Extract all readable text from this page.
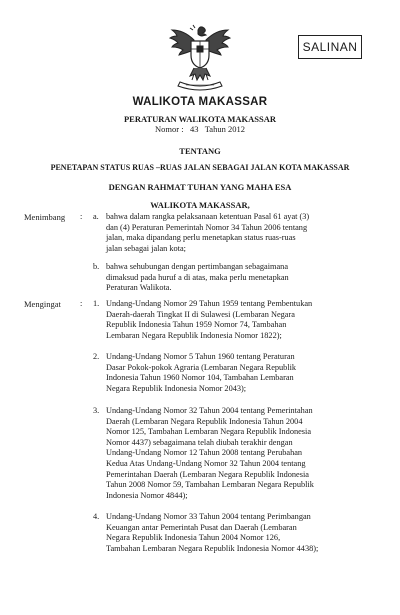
SALINAN
WALIKOTA MAKASSAR
PERATURAN WALIKOTA MAKASSAR
Nomor :   43   Tahun 2012
TENTANG
PENETAPAN STATUS RUAS –RUAS JALAN SEBAGAI JALAN KOTA MAKASSAR
DENGAN RAHMAT TUHAN YANG MAHA ESA
WALIKOTA MAKASSAR,
Menimbang : a. bahwa dalam rangka pelaksanaan ketentuan Pasal 61 ayat (3)
dan (4) Peraturan Pemerintah Nomor 34 Tahun 2006 tentang
jalan, maka dipandang perlu menetapkan status ruas-ruas
jalan sebagai jalan kota;
b. bahwa sehubungan dengan pertimbangan sebagaimana
dimaksud pada huruf a di atas, maka perlu menetapkan
Peraturan Walikota.
Mengingat : 1. Undang-Undang Nomor 29 Tahun 1959 tentang Pembentukan
Daerah-daerah Tingkat II di Sulawesi (Lembaran Negara
Republik Indonesia Tahun 1959 Nomor 74, Tambahan
Lembaran Negara Republik Indonesia Nomor 1822);
2. Undang-Undang Nomor 5 Tahun 1960 tentang Peraturan
Dasar Pokok-pokok Agraria (Lembaran Negara Republik
Indonesia Tahun 1960 Nomor 104, Tambahan Lembaran
Negara Republik Indonesia Nomor 2043);
3. Undang-Undang Nomor 32 Tahun 2004 tentang Pemerintahan
Daerah (Lembaran Negara Republik Indonesia Tahun 2004
Nomor 125, Tambahan Lembaran Negara Republik Indonesia
Nomor 4437) sebagaimana telah diubah terakhir dengan
Undang-Undang Nomor 12 Tahun 2008 tentang Perubahan
Kedua Atas Undang-Undang Nomor 32 Tahun 2004 tentang
Pemerintahan Daerah (Lembaran Negara Republik Indonesia
Tahun 2008 Nomor 59, Tambahan Lembaran Negara Republik
Indonesia Nomor 4844);
4. Undang-Undang Nomor 33 Tahun 2004 tentang Perimbangan
Keuangan antar Pemerintah Pusat dan Daerah (Lembaran
Negara Republik Indonesia Tahun 2004 Nomor 126,
Tambahan Lembaran Negara Republik Indonesia Nomor 4438);
